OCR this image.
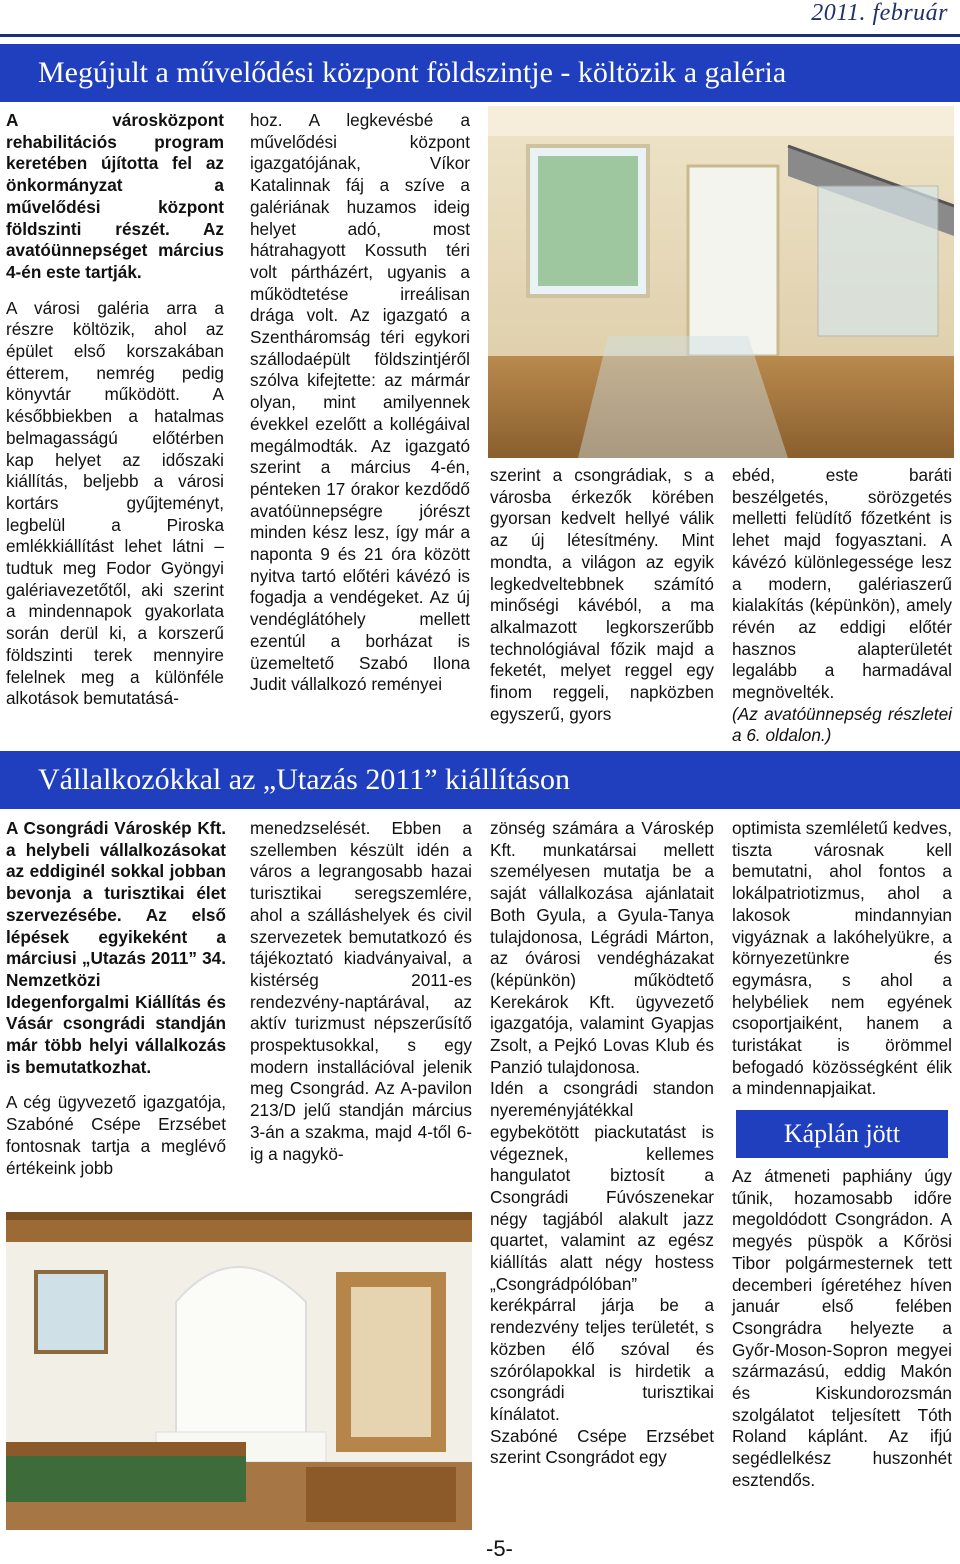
2011. február
Megújult a művelődési központ földszintje - költözik a galéria

A városközpont rehabilitációs program keretében újította fel az önkormányzat a művelődési központ földszinti részét. Az avatóünnepséget március 4-én este tartják.

A városi galéria arra a részre költözik, ahol az épület első korszakában étterem, nemrég pedig könyvtár működött. A későbbiekben a hatalmas belmagasságú előtérben kap helyet az időszaki kiállítás, beljebb a városi kortárs gyűjteményt, legbelül a Piroska emlékkiállítást lehet látni – tudtuk meg Fodor Gyöngyi galériavezetőtől, aki szerint a mindennapok gyakorlata során derül ki, a korszerű földszinti terek mennyire felelnek meg a különféle alkotások bemutatásá-

hoz. A legkevésbé a művelődési központ igazgatójának, Víkor Katalinnak fáj a szíve a galériának huzamos ideig helyet adó, most hátrahagyott Kossuth téri volt pártházért, ugyanis a működtetése irreálisan drága volt. Az igazgató a Szentháromság téri egykori szállodaépült földszintjéről szólva kifejtette: az mármár olyan, mint amilyennek évekkel ezelőtt a kollégáival megálmodták. Az igazgató szerint a március 4-én, pénteken 17 órakor kezdődő avatóünnepségre jórészt minden kész lesz, így már a naponta 9 és 21 óra között nyitva tartó előtéri kávézó is fogadja a vendégeket. Az új vendéglátóhely mellett ezentúl a borházat is üzemeltető Szabó Ilona Judit vállalkozó reményei

szerint a csongrádiak, s a városba érkezők körében gyorsan kedvelt hellyé válik az új létesítmény. Mint mondta, a világon az egyik legkedveltebbnek számító minőségi kávéból, a ma alkalmazott legkorszerűbb technológiával főzik majd a feketét, melyet reggel egy finom reggeli, napközben egyszerű, gyors

ebéd, este baráti beszélgetés, sörözgetés melletti felüdítő főzetként is lehet majd fogyasztani. A kávézó különlegessége lesz a modern, galériaszerű kialakítás (képünkön), amely révén az eddigi előtér hasznos alapterületét legalább a harmadával megnövelték.

(Az avatóünnepség részletei a 6. oldalon.)

Vállalkozókkal az „Utazás 2011” kiállításon

A Csongrádi Városkép Kft. a helybeli vállalkozásokat az eddiginél sokkal jobban bevonja a turisztikai élet szervezésébe. Az első lépések egyikeként a márciusi „Utazás 2011” 34. Nemzetközi Idegenforgalmi Kiállítás és Vásár csongrádi standján már több helyi vállalkozás is bemutatkozhat.

A cég ügyvezető igazgatója, Szabóné Csépe Erzsébet fontosnak tartja a meglévő értékeink jobb

menedzselését. Ebben a szellemben készült idén a város a legrangosabb hazai turisztikai seregszemlére, ahol a szálláshelyek és civil szervezetek bemutatkozó és tájékoztató kiadványaival, a kistérség 2011-es rendezvény-naptárával, az aktív turizmust népszerűsítő prospektusokkal, s egy modern installációval jelenik meg Csongrád. Az A-pavilon 213/D jelű standján március 3-án a szakma, majd 4-től 6-ig a nagykö-

zönség számára a Városkép Kft. munkatársai mellett személyesen mutatja be a saját vállalkozása ajánlatait Both Gyula, a Gyula-Tanya tulajdonosa, Légrádi Márton, az óvárosi vendégházakat (képünkön) működtető Kerekárok Kft. ügyvezető igazgatója, valamint Gyapjas Zsolt, a Pejkó Lovas Klub és Panzió tulajdonosa.

Idén a csongrádi standon nyereményjátékkal egybekötött piackutatást is végeznek, kellemes hangulatot biztosít a Csongrádi Fúvószenekar négy tagjából alakult jazz quartet, valamint az egész kiállítás alatt négy hostess „Csongrádpólóban” kerékpárral járja be a rendezvény teljes területét, s közben élő szóval és szórólapokkal is hirdetik a csongrádi turisztikai kínálatot.

Szabóné Csépe Erzsébet szerint Csongrádot egy

optimista szemléletű kedves, tiszta városnak kell bemutatni, ahol fontos a lokálpatriotizmus, ahol a lakosok mindannyian vigyáznak a lakóhelyükre, a környezetünkre és egymásra, s ahol a helybéliek nem egyének csoportjaiként, hanem a turistákat is örömmel befogadó közösségként élik a mindennapjaikat.

Káplán jött

Az átmeneti paphiány úgy tűnik, hozamosabb időre megoldódott Csongrádon. A megyés püspök a Kőrösi Tibor polgármesternek tett decemberi ígéretéhez híven január első felében Csongrádra helyezte a Győr-Moson-Sopron megyei származású, eddig Makón és Kiskundorozsmán szolgálatot teljesített Tóth Roland káplánt. Az ifjú segédlelkész huszonhét esztendős.

-5-
